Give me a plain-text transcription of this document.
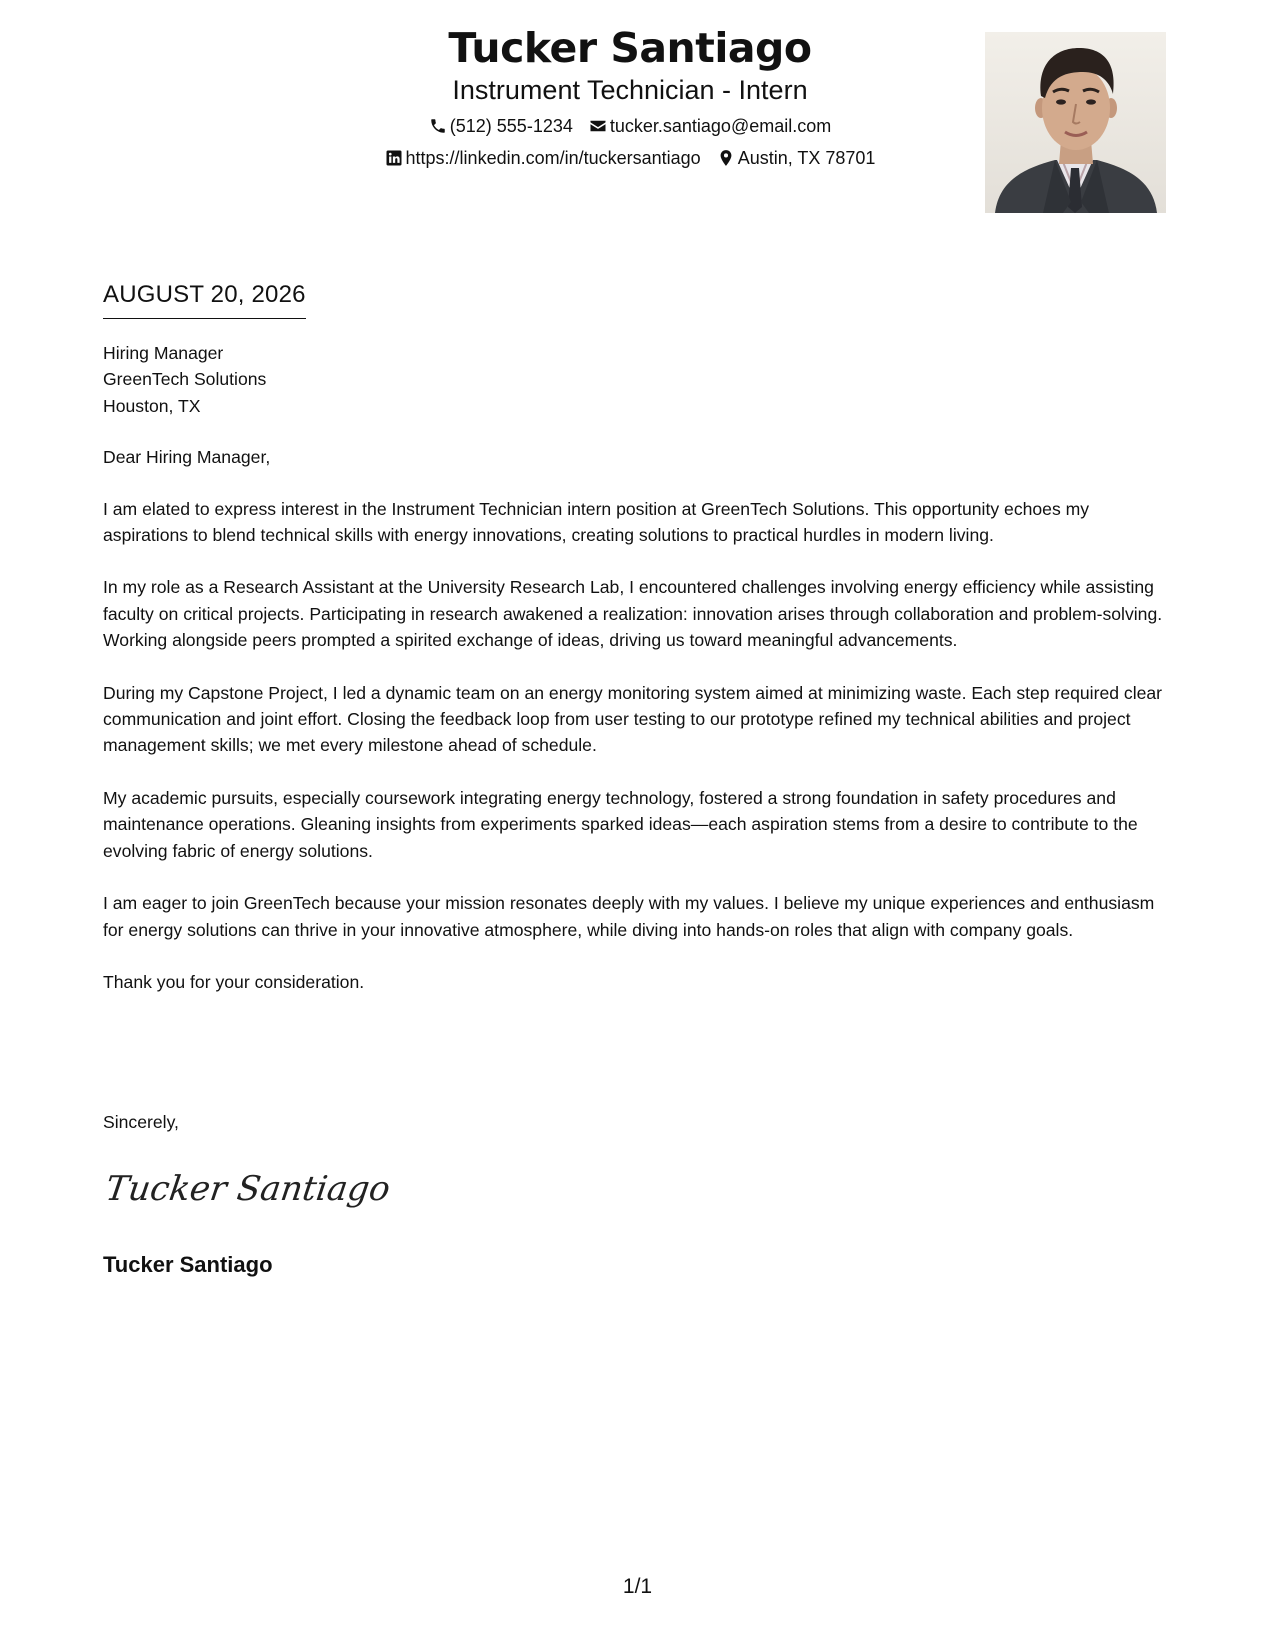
Tucker Santiago
Instrument Technician - Intern
(512) 555-1234 tucker.santiago@email.com
https://linkedin.com/in/tuckersantiago Austin, TX 78701
AUGUST 20, 2026
Hiring Manager
GreenTech Solutions
Houston, TX

Dear Hiring Manager,

I am elated to express interest in the Instrument Technician intern position at GreenTech Solutions. This opportunity echoes my aspirations to blend technical skills with energy innovations, creating solutions to practical hurdles in modern living.

In my role as a Research Assistant at the University Research Lab, I encountered challenges involving energy efficiency while assisting faculty on critical projects. Participating in research awakened a realization: innovation arises through collaboration and problem-solving. Working alongside peers prompted a spirited exchange of ideas, driving us toward meaningful advancements.

During my Capstone Project, I led a dynamic team on an energy monitoring system aimed at minimizing waste. Each step required clear communication and joint effort. Closing the feedback loop from user testing to our prototype refined my technical abilities and project management skills; we met every milestone ahead of schedule.

My academic pursuits, especially coursework integrating energy technology, fostered a strong foundation in safety procedures and maintenance operations. Gleaning insights from experiments sparked ideas—each aspiration stems from a desire to contribute to the evolving fabric of energy solutions.

I am eager to join GreenTech because your mission resonates deeply with my values. I believe my unique experiences and enthusiasm for energy solutions can thrive in your innovative atmosphere, while diving into hands-on roles that align with company goals.

Thank you for your consideration.

Sincerely,
Tucker Santiago
Tucker Santiago
1/1
